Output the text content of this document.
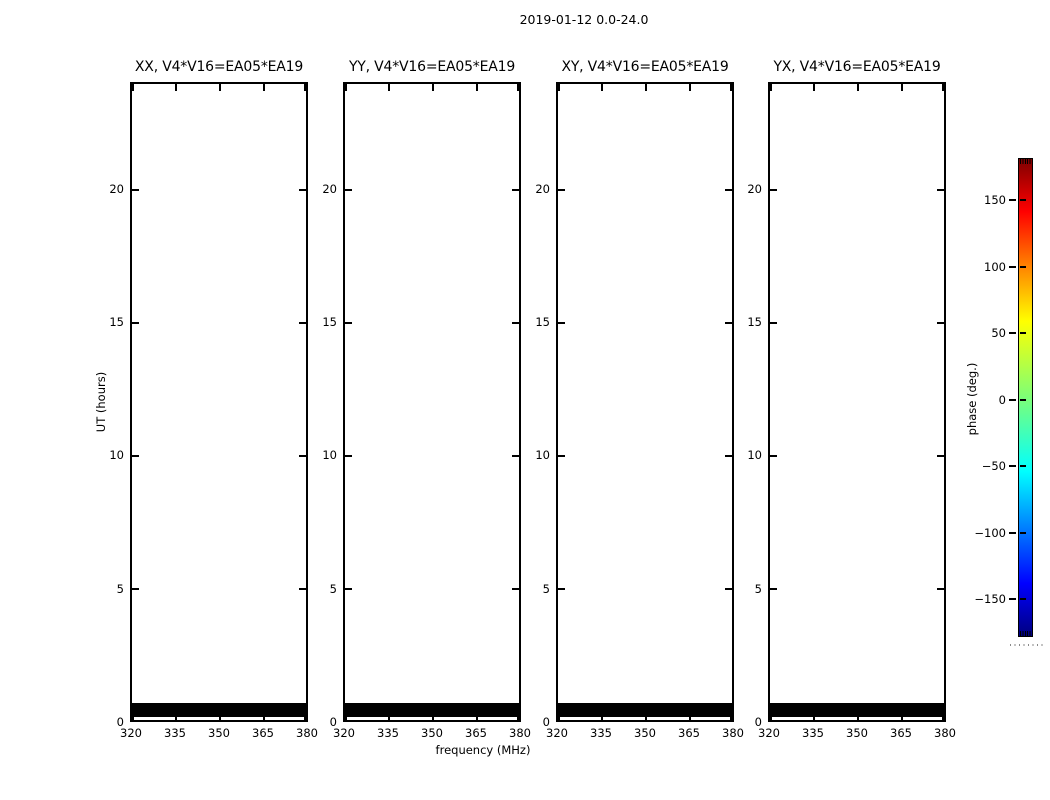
2019-01-12 0.0-24.0
UT (hours)
frequency (MHz)
XX, V4*V16=EA05*EA19
0
5
10
15
20
320	335	350	365	380
YY, V4*V16=EA05*EA19
0
5
10
15
20
320	335	350	365	380
XY, V4*V16=EA05*EA19
0
5
10
15
20
320	335	350	365	380
YX, V4*V16=EA05*EA19
0
5
10
15
20
320	335	350	365	380
phase (deg.)
150
100
50
0
−50
−100
−150
